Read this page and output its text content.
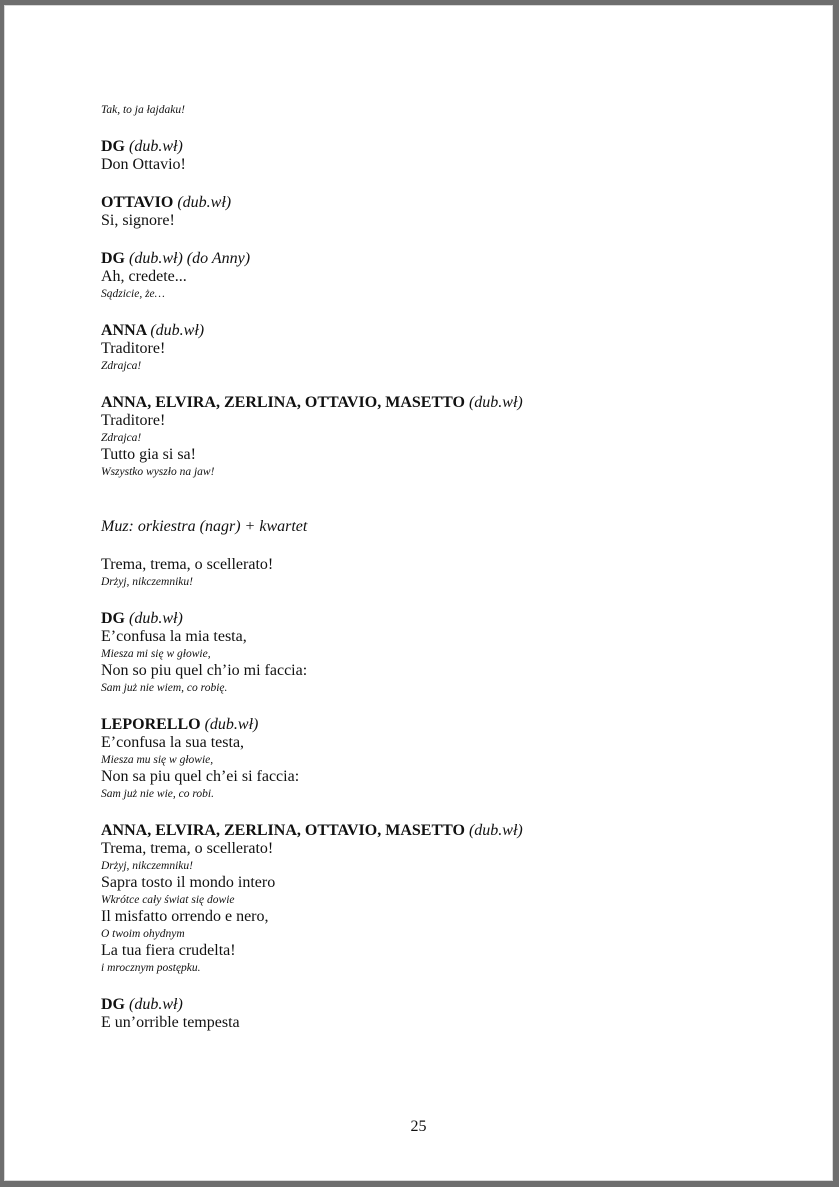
Tak, to ja łajdaku!
DG (dub.wł)
Don Ottavio!
OTTAVIO (dub.wł)
Si, signore!
DG (dub.wł) (do Anny)
Ah, credete...
Sądzicie, że…
ANNA (dub.wł)
Traditore!
Zdrajca!
ANNA, ELVIRA, ZERLINA, OTTAVIO, MASETTO (dub.wł)
Traditore!
Zdrajca!
Tutto gia si sa!
Wszystko wyszło na jaw!
Muz: orkiestra (nagr) + kwartet
Trema, trema, o scellerato!
Drżyj, nikczemniku!
DG (dub.wł)
E’confusa la mia testa,
Miesza mi się w głowie,
Non so piu quel ch’io mi faccia:
Sam już nie wiem, co robię.
LEPORELLO (dub.wł)
E’confusa la sua testa,
Miesza mu się w głowie,
Non sa piu quel ch’ei si faccia:
Sam już nie wie, co robi.
ANNA, ELVIRA, ZERLINA, OTTAVIO, MASETTO (dub.wł)
Trema, trema, o scellerato!
Drżyj, nikczemniku!
Sapra tosto il mondo intero
Wkrótce cały świat się dowie
Il misfatto orrendo e nero,
O twoim ohydnym
La tua fiera crudelta!
i mrocznym postępku.
DG (dub.wł)
E un’orrible tempesta
25
